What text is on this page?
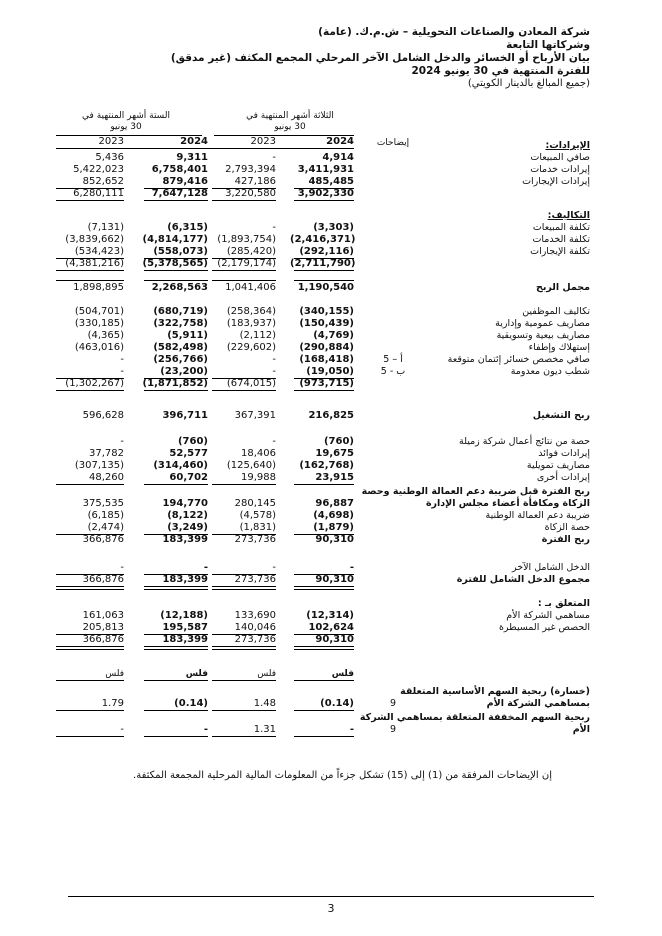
شركة المعادن والصناعات التحويلية – ش.م.ك. (عامة)
وشركاتها التابعة
بيان الأرباح أو الخسائر والدخل الشامل الآخر المرحلي المجمع المكثف (غير مدقق)
للفترة المنتهية في 30 يونيو 2024
(جميع المبالغ بالدينار الكويتي)
الثلاثة أشهر المنتهية في
30 يونيو
الستة أشهر المنتهية في
30 يونيو
إيضاحات
2024
2023
2024
2023	الإيرادات:
صافي المبيعات
4,914
-
9,311
5,436
إيرادات خدمات
3,411,931
2,793,394
6,758,401
5,422,023
إيرادات الإيجارات
485,485
427,186
879,416
852,652
3,902,330
3,220,580
7,647,128
6,280,111
التكاليف:
تكلفة المبيعات
(3,303)
-
(6,315)
(7,131)
تكلفة الخدمات
(2,416,371)
(1,893,754)
(4,814,177)
(3,839,662)
تكلفة الإيجارات
(292,116)
(285,420)
(558,073)
(534,423)
(2,711,790)
(2,179,174)
(5,378,565)
(4,381,216)
مجمل الربح
1,190,540
1,041,406
2,268,563
1,898,895
تكاليف الموظفين
(340,155)
(258,364)
(680,719)
(504,701)
مصاريف عمومية وإدارية
(150,439)
(183,937)
(322,758)
(330,185)
مصاريف بيعية وتسويقية
(4,769)
(2,112)
(5,911)
(4,365)
إستهلاك وإطفاء
(290,884)
(229,602)
(582,498)
(463,016)
صافي مخصص خسائر إئتمان متوقعة
5 – أ
(168,418)
-
(256,766)
-
شطب ديون معدومة
5 - ب
(19,050)
-
(23,200)
-
(973,715)
(674,015)
(1,871,852)
(1,302,267)
ربح التشغيل
216,825
367,391
396,711
596,628
حصة من نتائج أعمال شركة زميلة
(760)
-
(760)
-
إيرادات فوائد
19,675
18,406
52,577
37,782
مصاريف تمويلية
(162,768)
(125,640)
(314,460)
(307,135)
إيرادات أخرى
23,915
19,988
60,702
48,260
ربح الفترة قبل ضريبة دعم العمالة الوطنية وحصة
الزكاة ومكافأة أعضاء مجلس الإدارة
96,887
280,145
194,770
375,535
ضريبة دعم العمالة الوطنية
(4,698)
(4,578)
(8,122)
(6,185)
حصة الزكاة
(1,879)
(1,831)
(3,249)
(2,474)
ربح الفترة
90,310
273,736
183,399
366,876
الدخل الشامل الآخر
-
-
-
-
مجموع الدخل الشامل للفترة
90,310
273,736
183,399
366,876
المتعلق بـ :
مساهمي الشركة الأم
(12,314)
133,690
(12,188)
161,063
الحصص غير المسيطرة
102,624
140,046
195,587
205,813
90,310
273,736
183,399
366,876
فلس
فلس
فلس
فلس
(خسارة) ربحية السهم الأساسية المتعلقة
بمساهمي الشركة الأم
9
(0.14)
1.48
(0.14)
1.79
ربحية السهم المخففة المتعلقة بمساهمي الشركة
الأم
9
-
1.31
-
-
إن الإيضاحات المرفقة من (1) إلى (15) تشكل جزءاً من المعلومات المالية المرحلية المجمعة المكثفة.
3
